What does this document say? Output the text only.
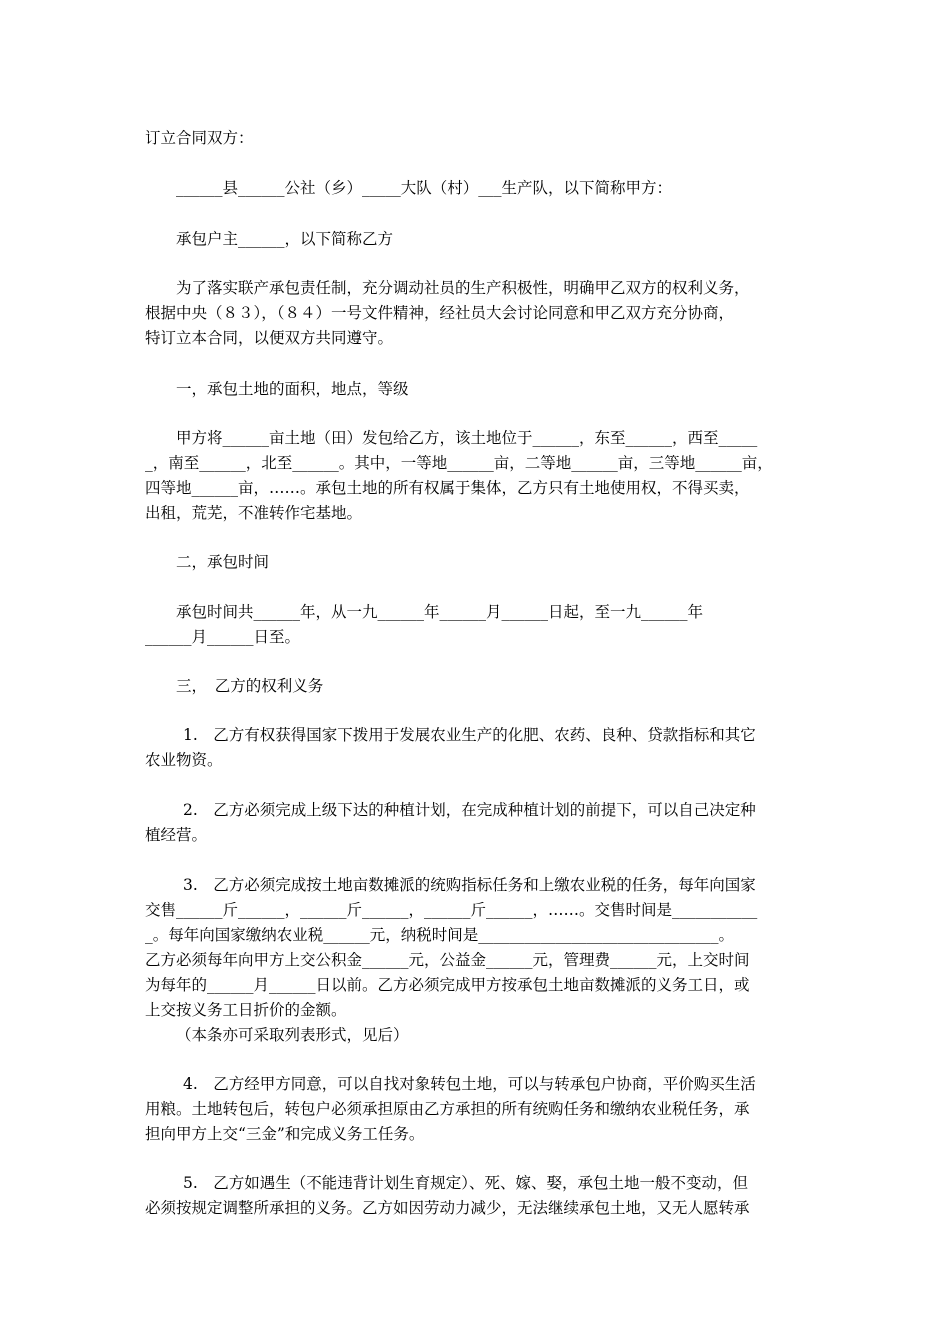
订立合同双方：
______县______公社（乡）_____大队（村）___生产队，以下简称甲方：
承包户主______，以下简称乙方
为了落实联产承包责任制，充分调动社员的生产积极性，明确甲乙双方的权利义务，
根据中央（８３），（８４）一号文件精神，经社员大会讨论同意和甲乙双方充分协商，
特订立本合同，以便双方共同遵守。
一，承包土地的面积，地点，等级
甲方将______亩土地（田）发包给乙方，该土地位于______，东至______，西至_____
_，南至______，北至______。其中，一等地______亩，二等地______亩，三等地______亩，
四等地______亩，……。承包土地的所有权属于集体，乙方只有土地使用权，不得买卖，
出租，荒芜，不准转作宅基地。
二，承包时间
承包时间共______年，从一九______年______月______日起，至一九______年
______月______日至。
三，　乙方的权利义务
1.　乙方有权获得国家下拨用于发展农业生产的化肥、农药、良种、贷款指标和其它
农业物资。
2.　乙方必须完成上级下达的种植计划，在完成种植计划的前提下，可以自己决定种
植经营。
3.　乙方必须完成按土地亩数摊派的统购指标任务和上缴农业税的任务，每年向国家
交售______斤______，______斤______，______斤______，……。交售时间是___________
_。每年向国家缴纳农业税______元，纳税时间是_______________________________。
乙方必须每年向甲方上交公积金______元，公益金______元，管理费______元，上交时间
为每年的______月______日以前。乙方必须完成甲方按承包土地亩数摊派的义务工日，或
上交按义务工日折价的金额。
（本条亦可采取列表形式，见后）
4.　乙方经甲方同意，可以自找对象转包土地，可以与转承包户协商，平价购买生活
用粮。土地转包后，转包户必须承担原由乙方承担的所有统购任务和缴纳农业税任务，承
担向甲方上交“三金”和完成义务工任务。
5.　乙方如遇生（不能违背计划生育规定）、死、嫁、娶，承包土地一般不变动，但
必须按规定调整所承担的义务。乙方如因劳动力减少，无法继续承包土地，又无人愿转承
